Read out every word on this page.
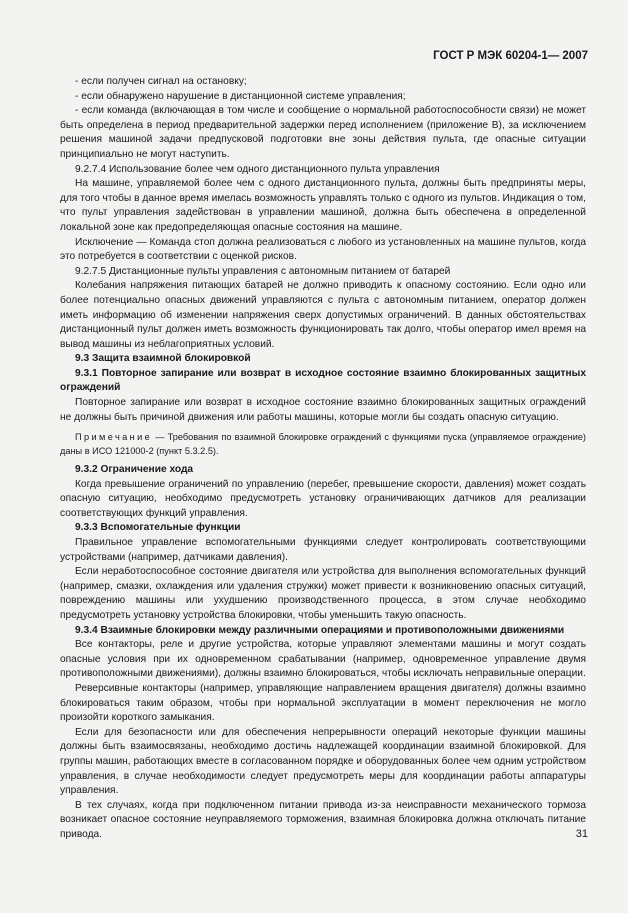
ГОСТ Р МЭК 60204-1— 2007

- если получен сигнал на остановку;

- если обнаружено нарушение в дистанционной системе управления;

- если команда (включающая в том числе и сообщение о нормальной работоспособности связи) не может быть определена в период предварительной задержки перед исполнением (приложение В), за исключением решения машиной задачи предпусковой подготовки вне зоны действия пульта, где опасные ситуации принципиально не могут наступить.

9.2.7.4 Использование более чем одного дистанционного пульта управления

На машине, управляемой более чем с одного дистанционного пульта, должны быть предприняты меры, для того чтобы в данное время имелась возможность управлять только с одного из пультов. Индикация о том, что пульт управления задействован в управлении машиной, должна быть обеспечена в определенной локальной зоне как предопределяющая опасные состояния на машине.

Исключение — Команда стоп должна реализоваться с любого из установленных на машине пультов, когда это потребуется в соответствии с оценкой рисков.

9.2.7.5 Дистанционные пульты управления с автономным питанием от батарей

Колебания напряжения питающих батарей не должно приводить к опасному состоянию. Если одно или более потенциально опасных движений управляются с пульта с автономным питанием, оператор должен иметь информацию об изменении напряжения сверх допустимых ограничений. В данных обстоятельствах дистанционный пульт должен иметь возможность функционировать так долго, чтобы оператор имел время на вывод машины из неблагоприятных условий.

9.3 Защита взаимной блокировкой

9.3.1 Повторное запирание или возврат в исходное состояние взаимно блокированных защитных ограждений

Повторное запирание или возврат в исходное состояние взаимно блокированных защитных ограждений не должны быть причиной движения или работы машины, которые могли бы создать опасную ситуацию.

Примечание — Требования по взаимной блокировке ограждений с функциями пуска (управляемое ограждение) даны в ИСО 121000-2 (пункт 5.3.2.5).

9.3.2 Ограничение хода

Когда превышение ограничений по управлению (перебег, превышение скорости, давления) может создать опасную ситуацию, необходимо предусмотреть установку ограничивающих датчиков для реализации соответствующих функций управления.

9.3.3 Вспомогательные функции

Правильное управление вспомогательными функциями следует контролировать соответствующими устройствами (например, датчиками давления).

Если неработоспособное состояние двигателя или устройства для выполнения вспомогательных функций (например, смазки, охлаждения или удаления стружки) может привести к возникновению опасных ситуаций, повреждению машины или ухудшению производственного процесса, в этом случае необходимо предусмотреть установку устройства блокировки, чтобы уменьшить такую опасность.

9.3.4 Взаимные блокировки между различными операциями и противоположными движениями

Все контакторы, реле и другие устройства, которые управляют элементами машины и могут создать опасные условия при их одновременном срабатывании (например, одновременное управление двумя противоположными движениями), должны взаимно блокироваться, чтобы исключать неправильные операции.

Реверсивные контакторы (например, управляющие направлением вращения двигателя) должны взаимно блокироваться таким образом, чтобы при нормальной эксплуатации в момент переключения не могло произойти короткого замыкания.

Если для безопасности или для обеспечения непрерывности операций некоторые функции машины должны быть взаимосвязаны, необходимо достичь надлежащей координации взаимной блокировкой. Для группы машин, работающих вместе в согласованном порядке и оборудованных более чем одним устройством управления, в случае необходимости следует предусмотреть меры для координации работы аппаратуры управления.

В тех случаях, когда при подключенном питании привода из-за неисправности механического тормоза возникает опасное состояние неуправляемого торможения, взаимная блокировка должна отключать питание привода.	31
